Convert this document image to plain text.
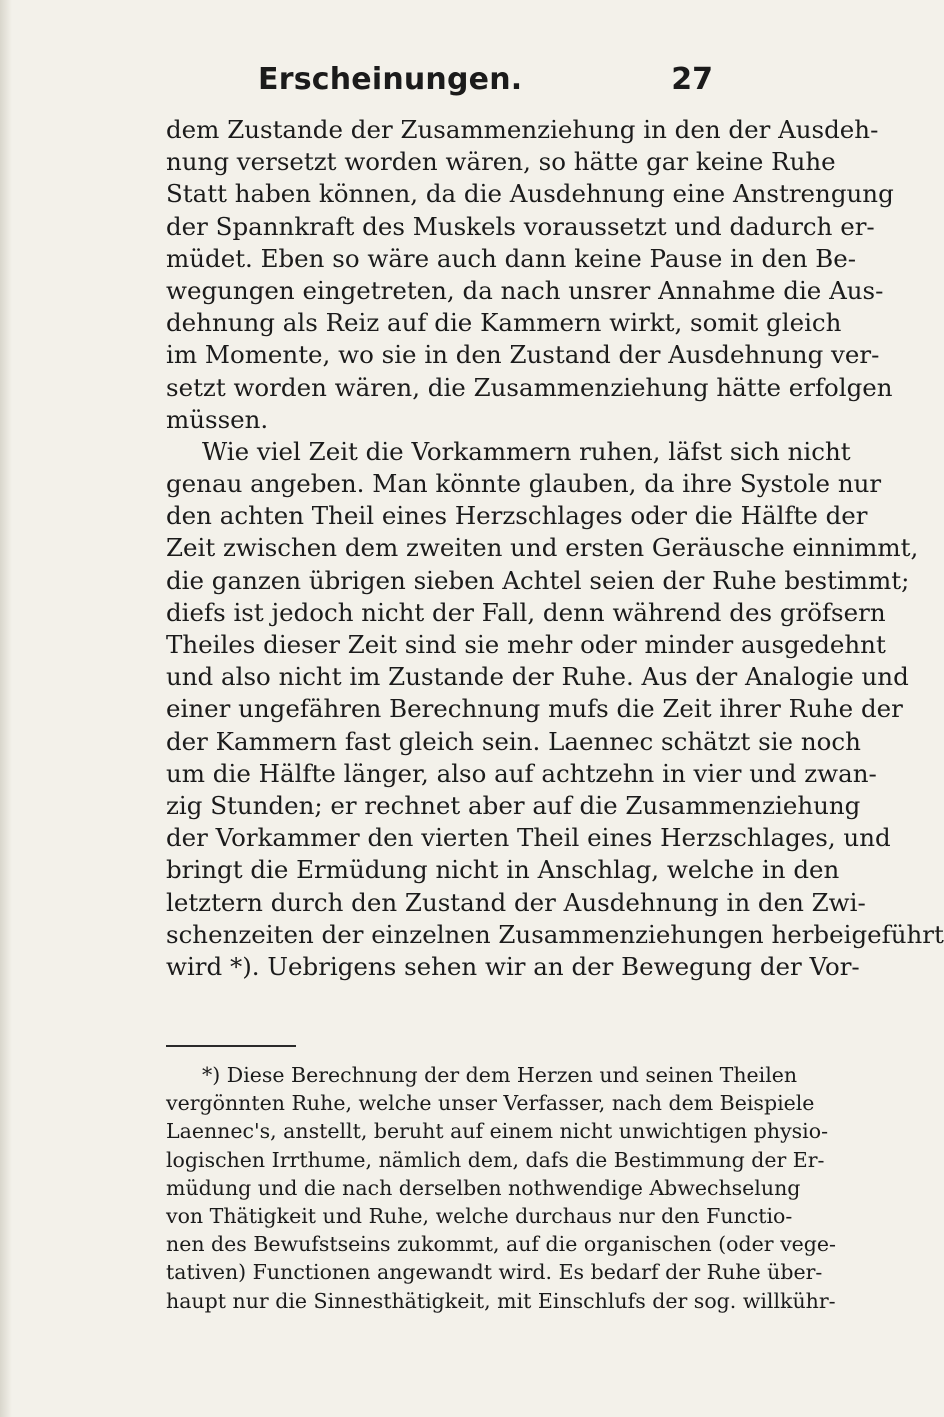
Erscheinungen.	27
dem Zustande der Zusammenziehung in den der Ausdeh-
nung versetzt worden wären, so hätte gar keine Ruhe
Statt haben können, da die Ausdehnung eine Anstrengung
der Spannkraft des Muskels voraussetzt und dadurch er-
müdet. Eben so wäre auch dann keine Pause in den Be-
wegungen eingetreten, da nach unsrer Annahme die Aus-
dehnung als Reiz auf die Kammern wirkt, somit gleich
im Momente, wo sie in den Zustand der Ausdehnung ver-
setzt worden wären, die Zusammenziehung hätte erfolgen
müssen.
Wie viel Zeit die Vorkammern ruhen, läfst sich nicht
genau angeben. Man könnte glauben, da ihre Systole nur
den achten Theil eines Herzschlages oder die Hälfte der
Zeit zwischen dem zweiten und ersten Geräusche einnimmt,
die ganzen übrigen sieben Achtel seien der Ruhe bestimmt;
diefs ist jedoch nicht der Fall, denn während des gröfsern
Theiles dieser Zeit sind sie mehr oder minder ausgedehnt
und also nicht im Zustande der Ruhe. Aus der Analogie und
einer ungefähren Berechnung mufs die Zeit ihrer Ruhe der
der Kammern fast gleich sein. Laennec schätzt sie noch
um die Hälfte länger, also auf achtzehn in vier und zwan-
zig Stunden; er rechnet aber auf die Zusammenziehung
der Vorkammer den vierten Theil eines Herzschlages, und
bringt die Ermüdung nicht in Anschlag, welche in den
letztern durch den Zustand der Ausdehnung in den Zwi-
schenzeiten der einzelnen Zusammenziehungen herbeigeführt
wird *). Uebrigens sehen wir an der Bewegung der Vor-
*) Diese Berechnung der dem Herzen und seinen Theilen
vergönnten Ruhe, welche unser Verfasser, nach dem Beispiele
Laennec's, anstellt, beruht auf einem nicht unwichtigen physio-
logischen Irrthume, nämlich dem, dafs die Bestimmung der Er-
müdung und die nach derselben nothwendige Abwechselung
von Thätigkeit und Ruhe, welche durchaus nur den Functio-
nen des Bewufstseins zukommt, auf die organischen (oder vege-
tativen) Functionen angewandt wird. Es bedarf der Ruhe über-
haupt nur die Sinnesthätigkeit, mit Einschlufs der sog. willkühr-
